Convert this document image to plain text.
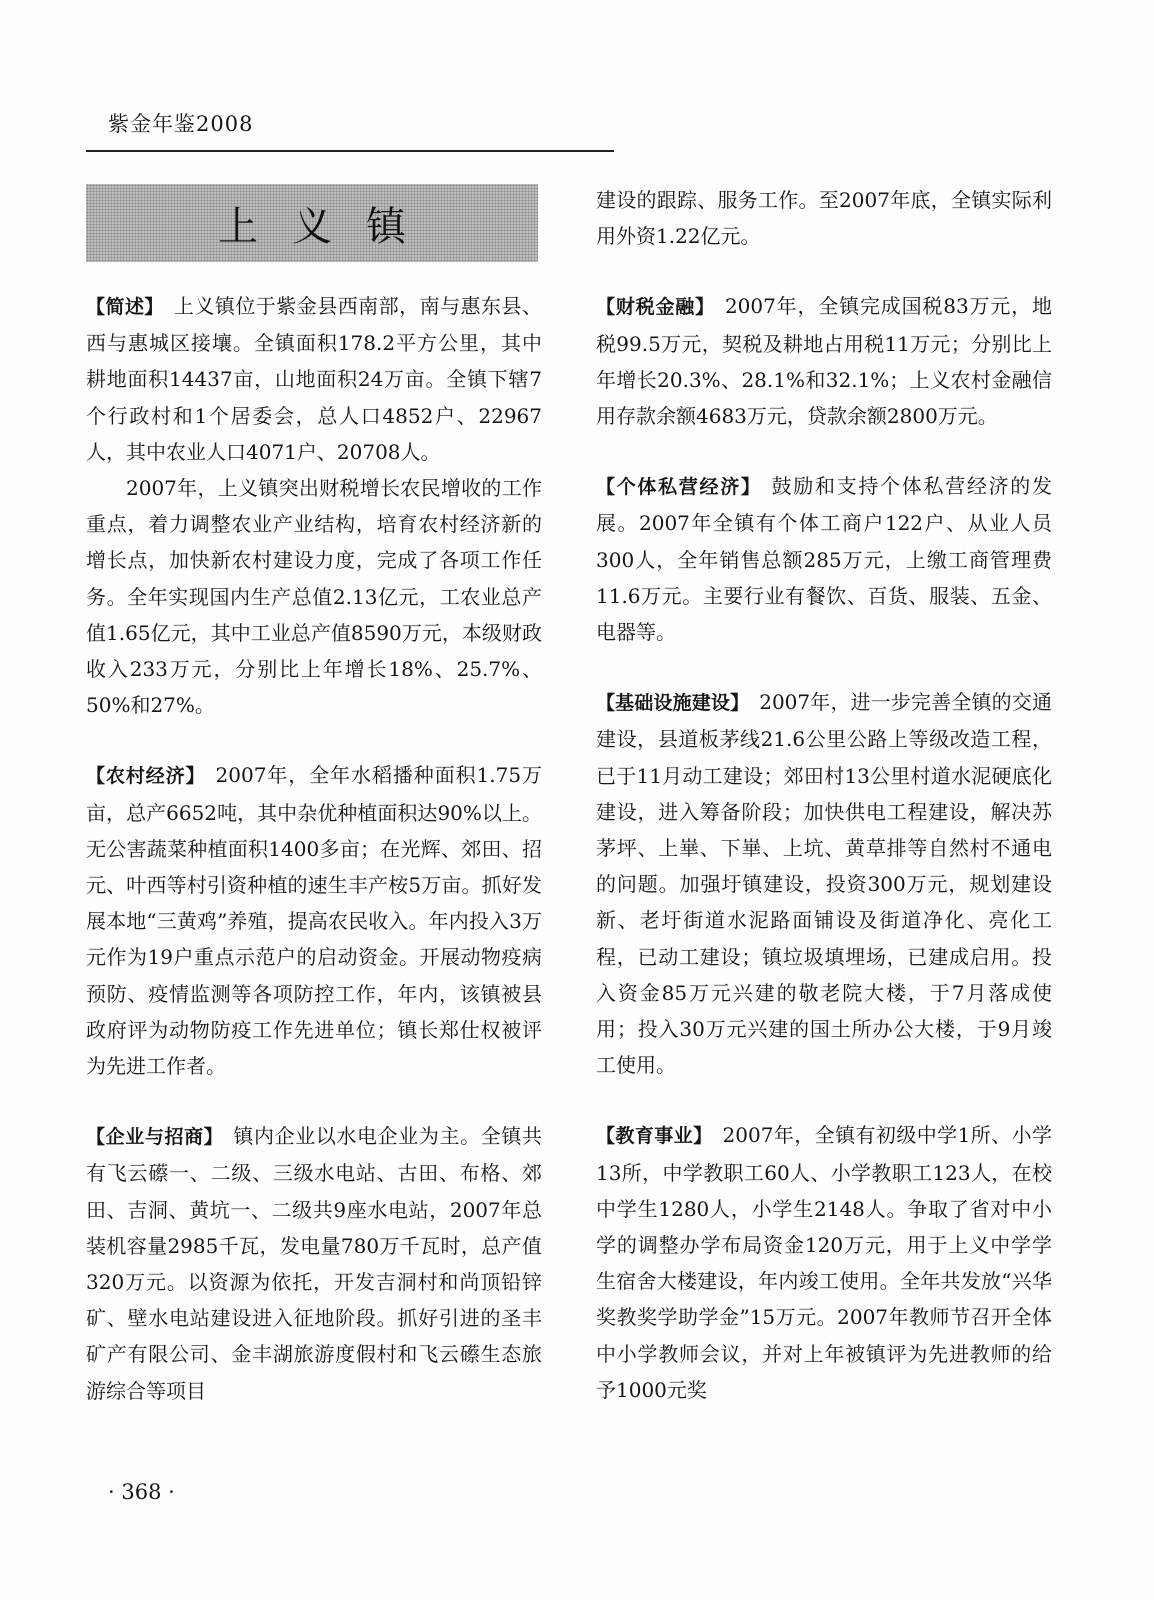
紫金年鉴2008
上义镇

【简述】 上义镇位于紫金县西南部，南与惠东县、西与惠城区接壤。全镇面积178.2平方公里，其中耕地面积14437亩，山地面积24万亩。全镇下辖7个行政村和1个居委会，总人口4852户、22967人，其中农业人口4071户、20708人。

2007年，上义镇突出财税增长农民增收的工作重点，着力调整农业产业结构，培育农村经济新的增长点，加快新农村建设力度，完成了各项工作任务。全年实现国内生产总值2.13亿元，工农业总产值1.65亿元，其中工业总产值8590万元，本级财政收入233万元，分别比上年增长18%、25.7%、50%和27%。

【农村经济】 2007年，全年水稻播种面积1.75万亩，总产6652吨，其中杂优种植面积达90%以上。无公害蔬菜种植面积1400多亩；在光辉、郊田、招元、叶西等村引资种植的速生丰产桉5万亩。抓好发展本地“三黄鸡”养殖，提高农民收入。年内投入3万元作为19户重点示范户的启动资金。开展动物疫病预防、疫情监测等各项防控工作，年内，该镇被县政府评为动物防疫工作先进单位；镇长郑仕权被评为先进工作者。

【企业与招商】 镇内企业以水电企业为主。全镇共有飞云礤一、二级、三级水电站、古田、布格、郊田、吉洞、黄坑一、二级共9座水电站，2007年总装机容量2985千瓦，发电量780万千瓦时，总产值320万元。以资源为依托，开发吉洞村和尚顶铅锌矿、壁水电站建设进入征地阶段。抓好引进的圣丰矿产有限公司、金丰湖旅游度假村和飞云礤生态旅游综合等项目

建设的跟踪、服务工作。至2007年底，全镇实际利用外资1.22亿元。

【财税金融】 2007年，全镇完成国税83万元，地税99.5万元，契税及耕地占用税11万元；分别比上年增长20.3%、28.1%和32.1%；上义农村金融信用存款余额4683万元，贷款余额2800万元。

【个体私营经济】 鼓励和支持个体私营经济的发展。2007年全镇有个体工商户122户、从业人员300人，全年销售总额285万元，上缴工商管理费11.6万元。主要行业有餐饮、百货、服装、五金、电器等。

【基础设施建设】 2007年，进一步完善全镇的交通建设，县道板茅线21.6公里公路上等级改造工程，已于11月动工建设；郊田村13公里村道水泥硬底化建设，进入筹备阶段；加快供电工程建设，解决苏茅坪、上崋、下崋、上坑、黄草排等自然村不通电的问题。加强圩镇建设，投资300万元，规划建设新、老圩街道水泥路面铺设及街道净化、亮化工程，已动工建设；镇垃圾填埋场，已建成启用。投入资金85万元兴建的敬老院大楼，于7月落成使用；投入30万元兴建的国土所办公大楼，于9月竣工使用。

【教育事业】 2007年，全镇有初级中学1所、小学13所，中学教职工60人、小学教职工123人，在校中学生1280人，小学生2148人。争取了省对中小学的调整办学布局资金120万元，用于上义中学学生宿舍大楼建设，年内竣工使用。全年共发放“兴华奖教奖学助学金”15万元。2007年教师节召开全体中小学教师会议，并对上年被镇评为先进教师的给予1000元奖

· 368 ·
